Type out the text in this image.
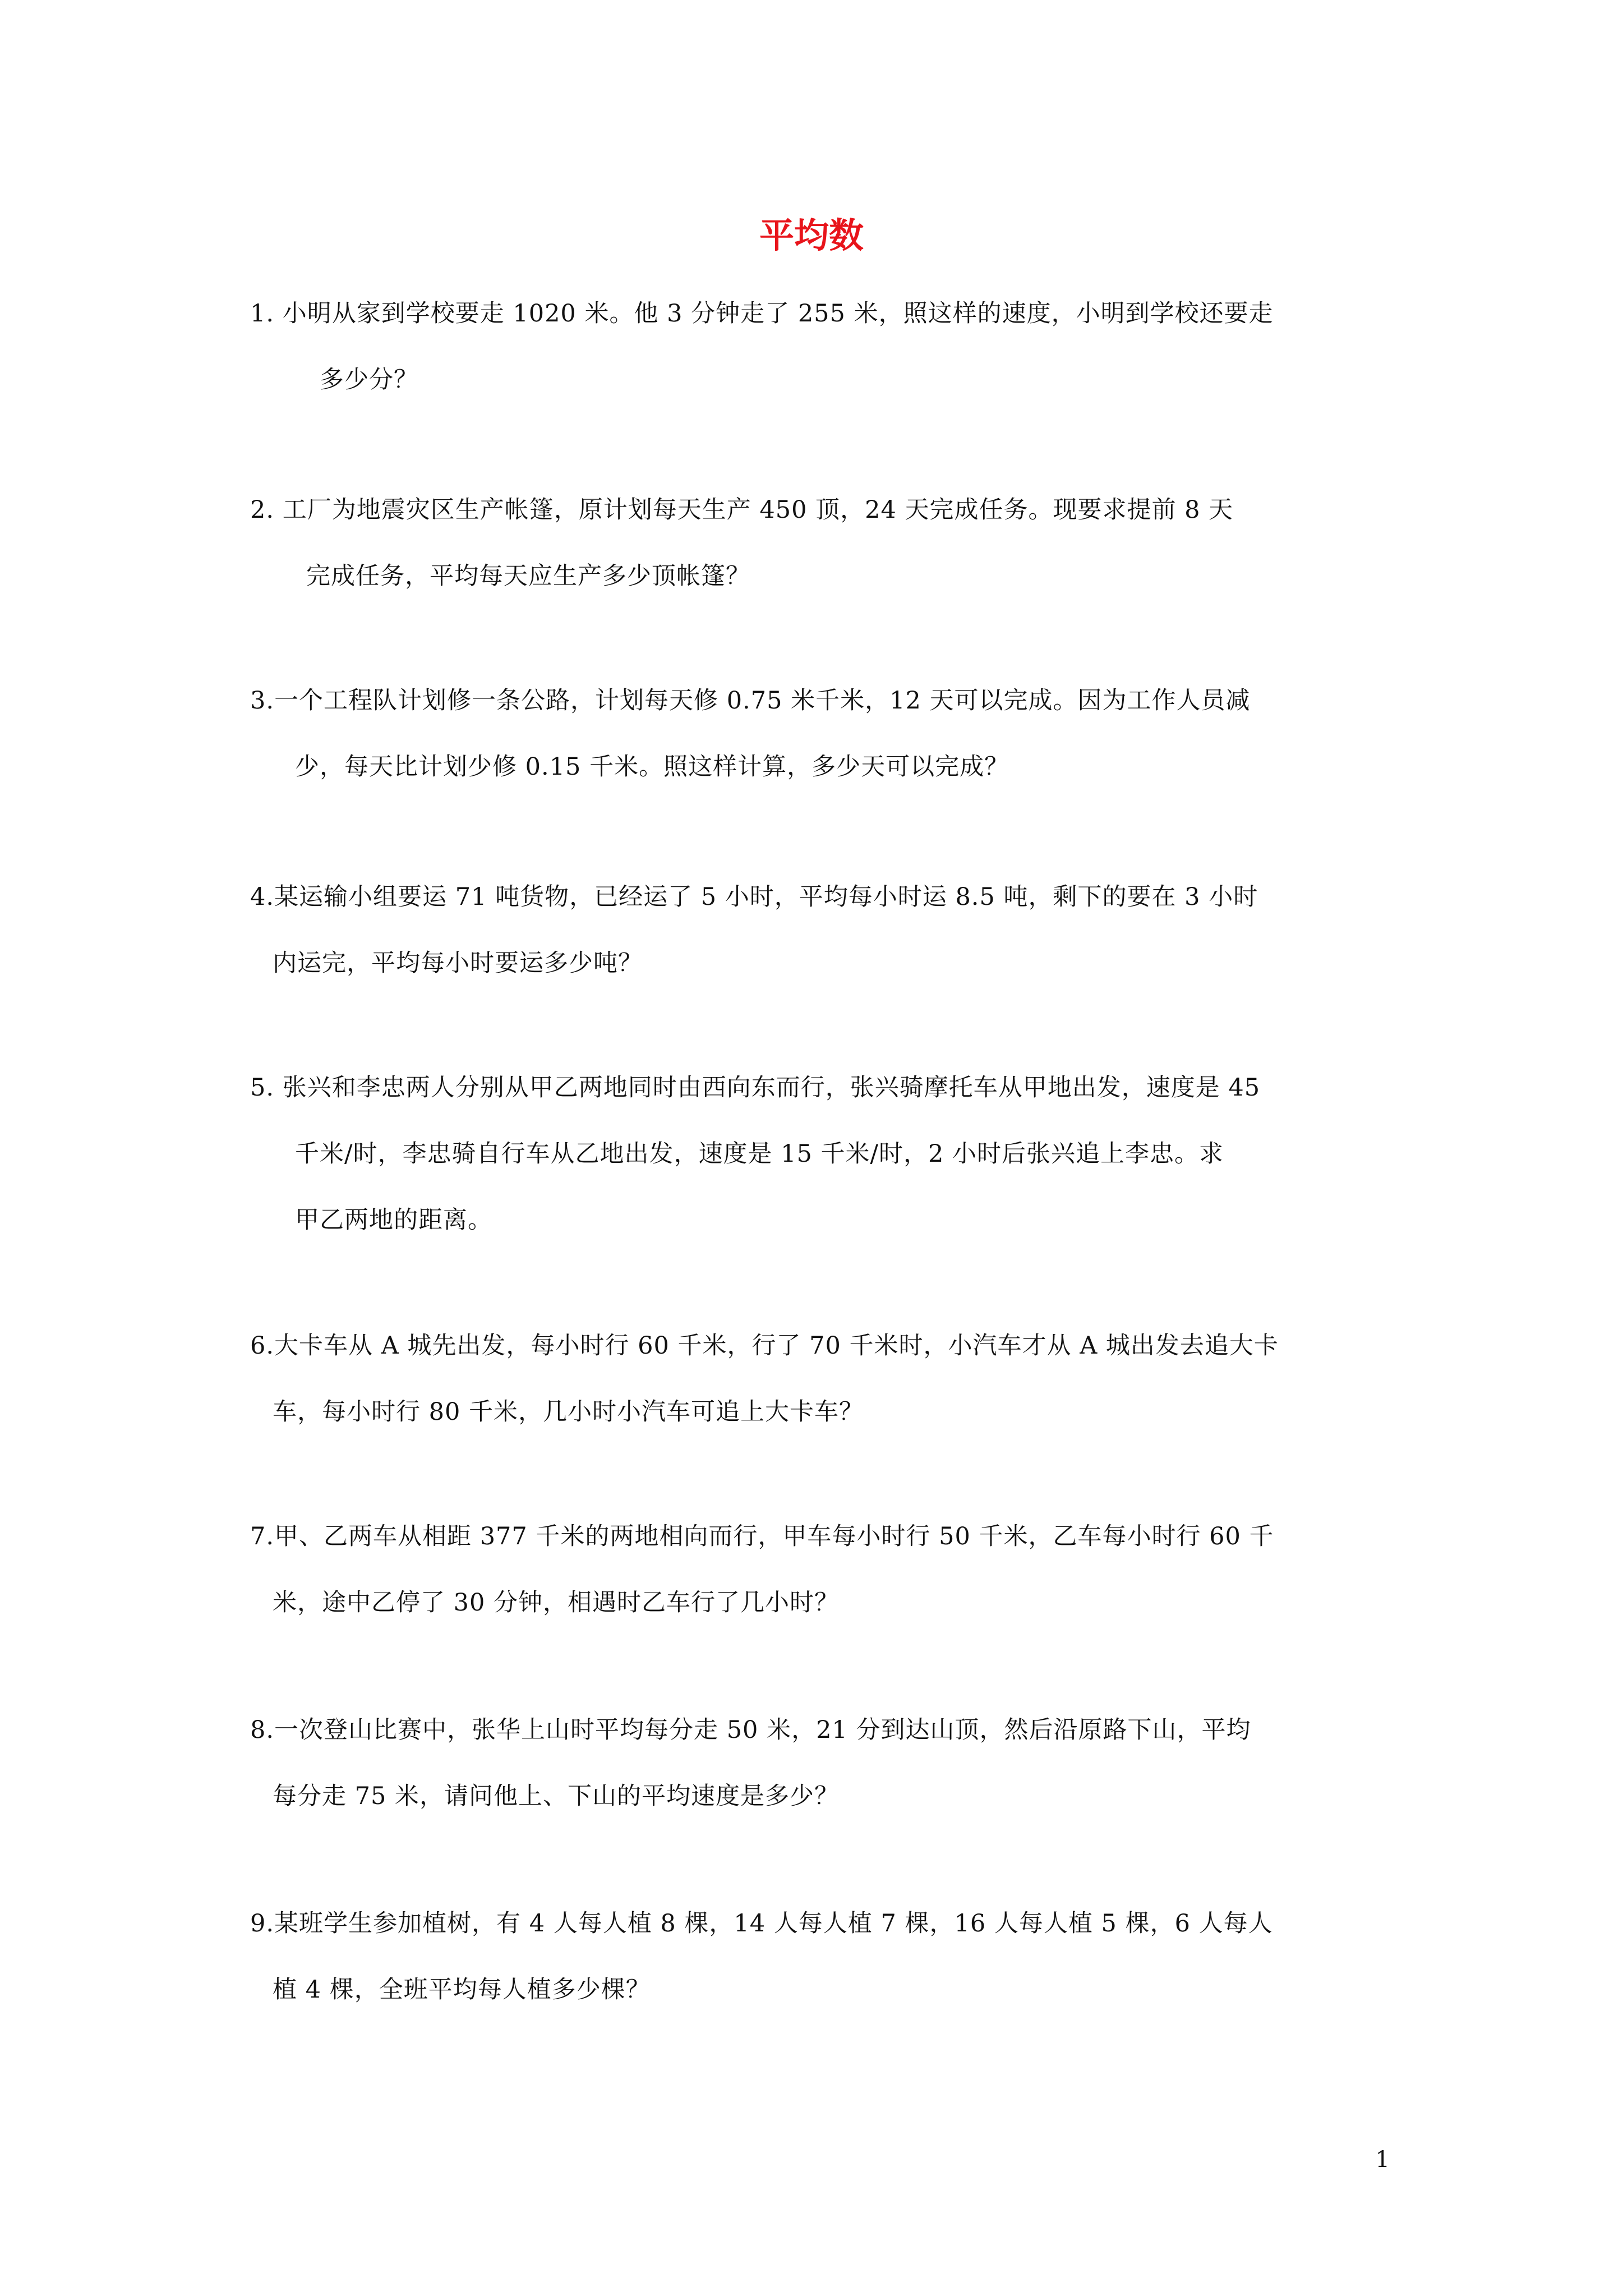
平均数

1. 小明从家到学校要走 1020 米。他 3 分钟走了 255 米，照这样的速度，小明到学校还要走
多少分？

2. 工厂为地震灾区生产帐篷，原计划每天生产 450 顶，24 天完成任务。现要求提前 8 天
完成任务，平均每天应生产多少顶帐篷？

3.一个工程队计划修一条公路，计划每天修 0.75 米千米，12 天可以完成。因为工作人员减
少，每天比计划少修 0.15 千米。照这样计算，多少天可以完成？

4.某运输小组要运 71 吨货物，已经运了 5 小时，平均每小时运 8.5 吨，剩下的要在 3 小时
内运完，平均每小时要运多少吨？

5. 张兴和李忠两人分别从甲乙两地同时由西向东而行，张兴骑摩托车从甲地出发，速度是 45
千米/时，李忠骑自行车从乙地出发，速度是 15 千米/时，2 小时后张兴追上李忠。求
甲乙两地的距离。

6.大卡车从 A 城先出发，每小时行 60 千米，行了 70 千米时，小汽车才从 A 城出发去追大卡
车，每小时行 80 千米，几小时小汽车可追上大卡车？

7.甲、乙两车从相距 377 千米的两地相向而行，甲车每小时行 50 千米，乙车每小时行 60 千
米，途中乙停了 30 分钟，相遇时乙车行了几小时？

8.一次登山比赛中，张华上山时平均每分走 50 米，21 分到达山顶，然后沿原路下山，平均
每分走 75 米，请问他上、下山的平均速度是多少？

9.某班学生参加植树，有 4 人每人植 8 棵，14 人每人植 7 棵，16 人每人植 5 棵，6 人每人
植 4 棵，全班平均每人植多少棵？

1
